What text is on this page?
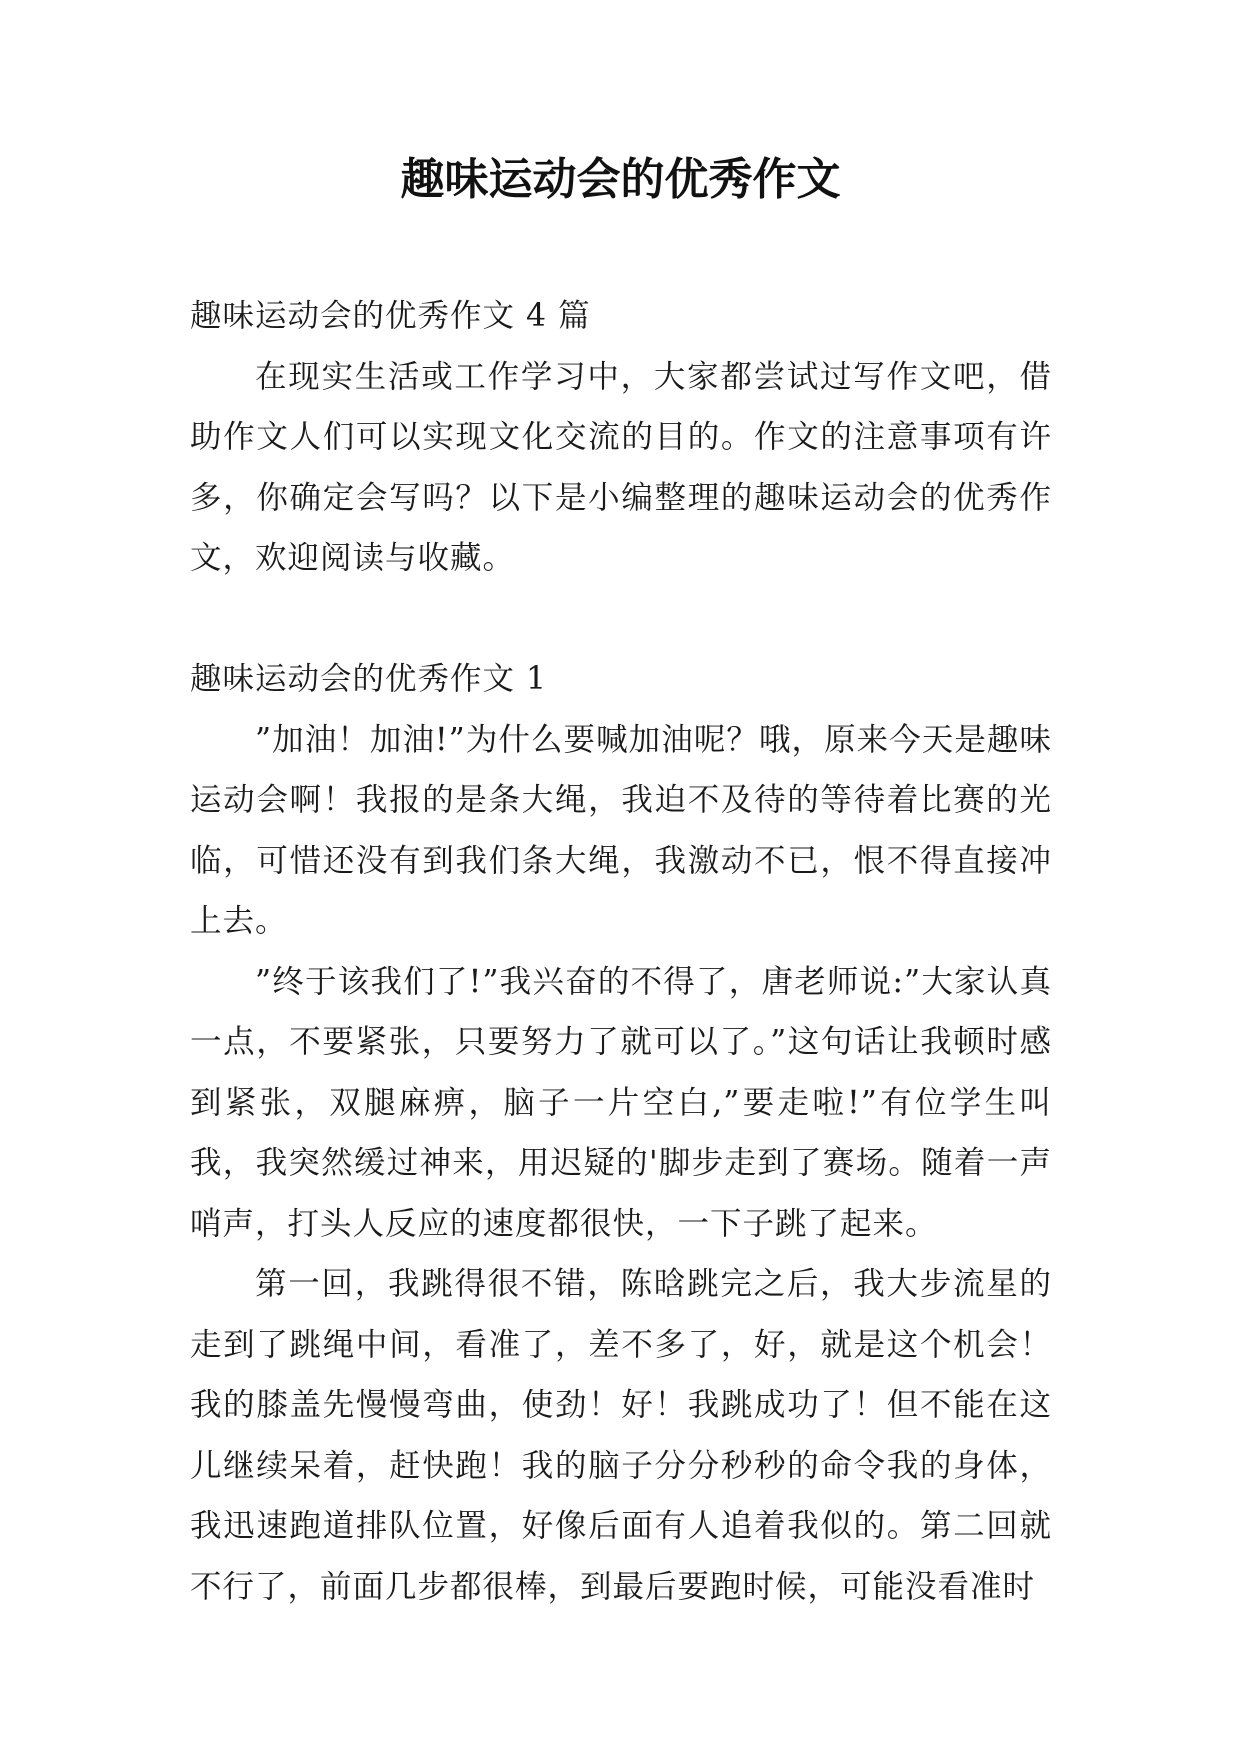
趣味运动会的优秀作文

趣味运动会的优秀作文 4 篇

在现实生活或工作学习中，大家都尝试过写作文吧，借助作文人们可以实现文化交流的目的。作文的注意事项有许多，你确定会写吗？以下是小编整理的趣味运动会的优秀作文，欢迎阅读与收藏。

趣味运动会的优秀作文 1

”加油！加油!”为什么要喊加油呢？哦，原来今天是趣味运动会啊！我报的是条大绳，我迫不及待的等待着比赛的光临，可惜还没有到我们条大绳，我激动不已，恨不得直接冲上去。

”终于该我们了!”我兴奋的不得了，唐老师说:”大家认真一点，不要紧张，只要努力了就可以了。”这句话让我顿时感到紧张，双腿麻痹，脑子一片空白,”要走啦!”有位学生叫我，我突然缓过神来，用迟疑的'脚步走到了赛场。随着一声哨声，打头人反应的速度都很快，一下子跳了起来。

第一回，我跳得很不错，陈晗跳完之后，我大步流星的走到了跳绳中间，看准了，差不多了，好，就是这个机会！我的膝盖先慢慢弯曲，使劲！好！我跳成功了！但不能在这儿继续呆着，赶快跑！我的脑子分分秒秒的命令我的身体，我迅速跑道排队位置，好像后面有人追着我似的。第二回就不行了，前面几步都很棒，到最后要跑时候，可能没看准时
